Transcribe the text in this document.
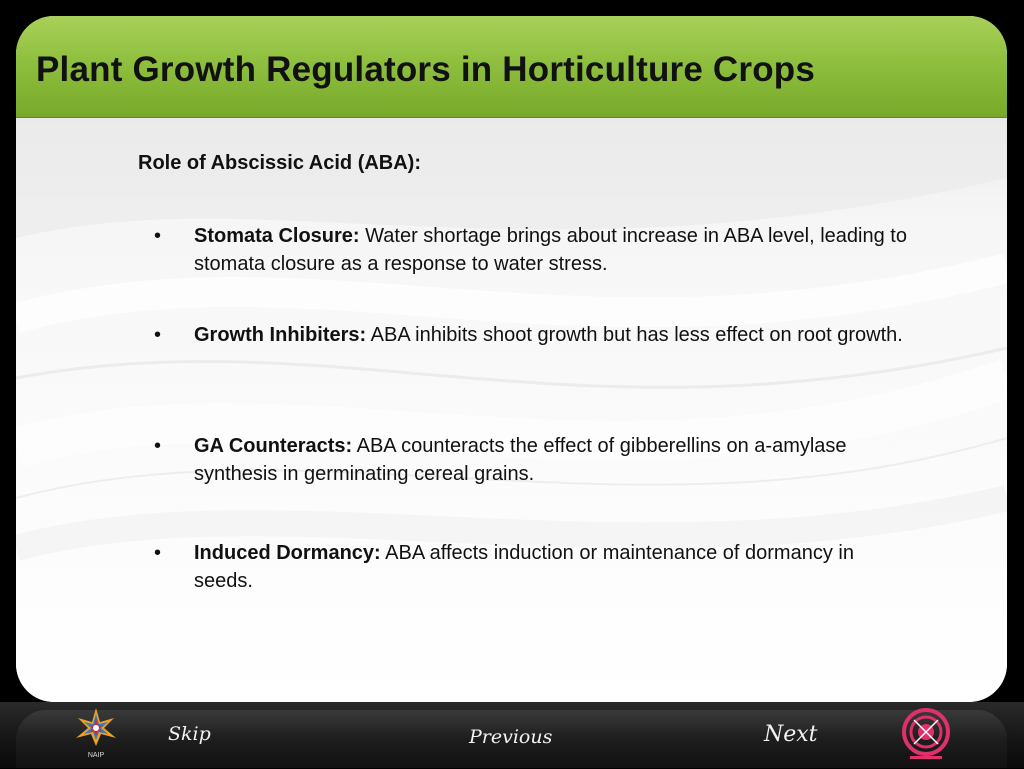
Plant Growth Regulators in Horticulture Crops
Role of Abscissic Acid (ABA):
•	Stomata Closure: Water shortage brings about increase in ABA level, leading to stomata closure as a response to water stress.
•	Growth Inhibiters: ABA inhibits shoot growth but has less effect on root growth.
•	GA Counteracts: ABA counteracts the effect of gibberellins on a-amylase synthesis in germinating cereal grains.
•	Induced Dormancy: ABA affects induction or maintenance of dormancy in seeds.
NAIP
Skip	Previous	Next
